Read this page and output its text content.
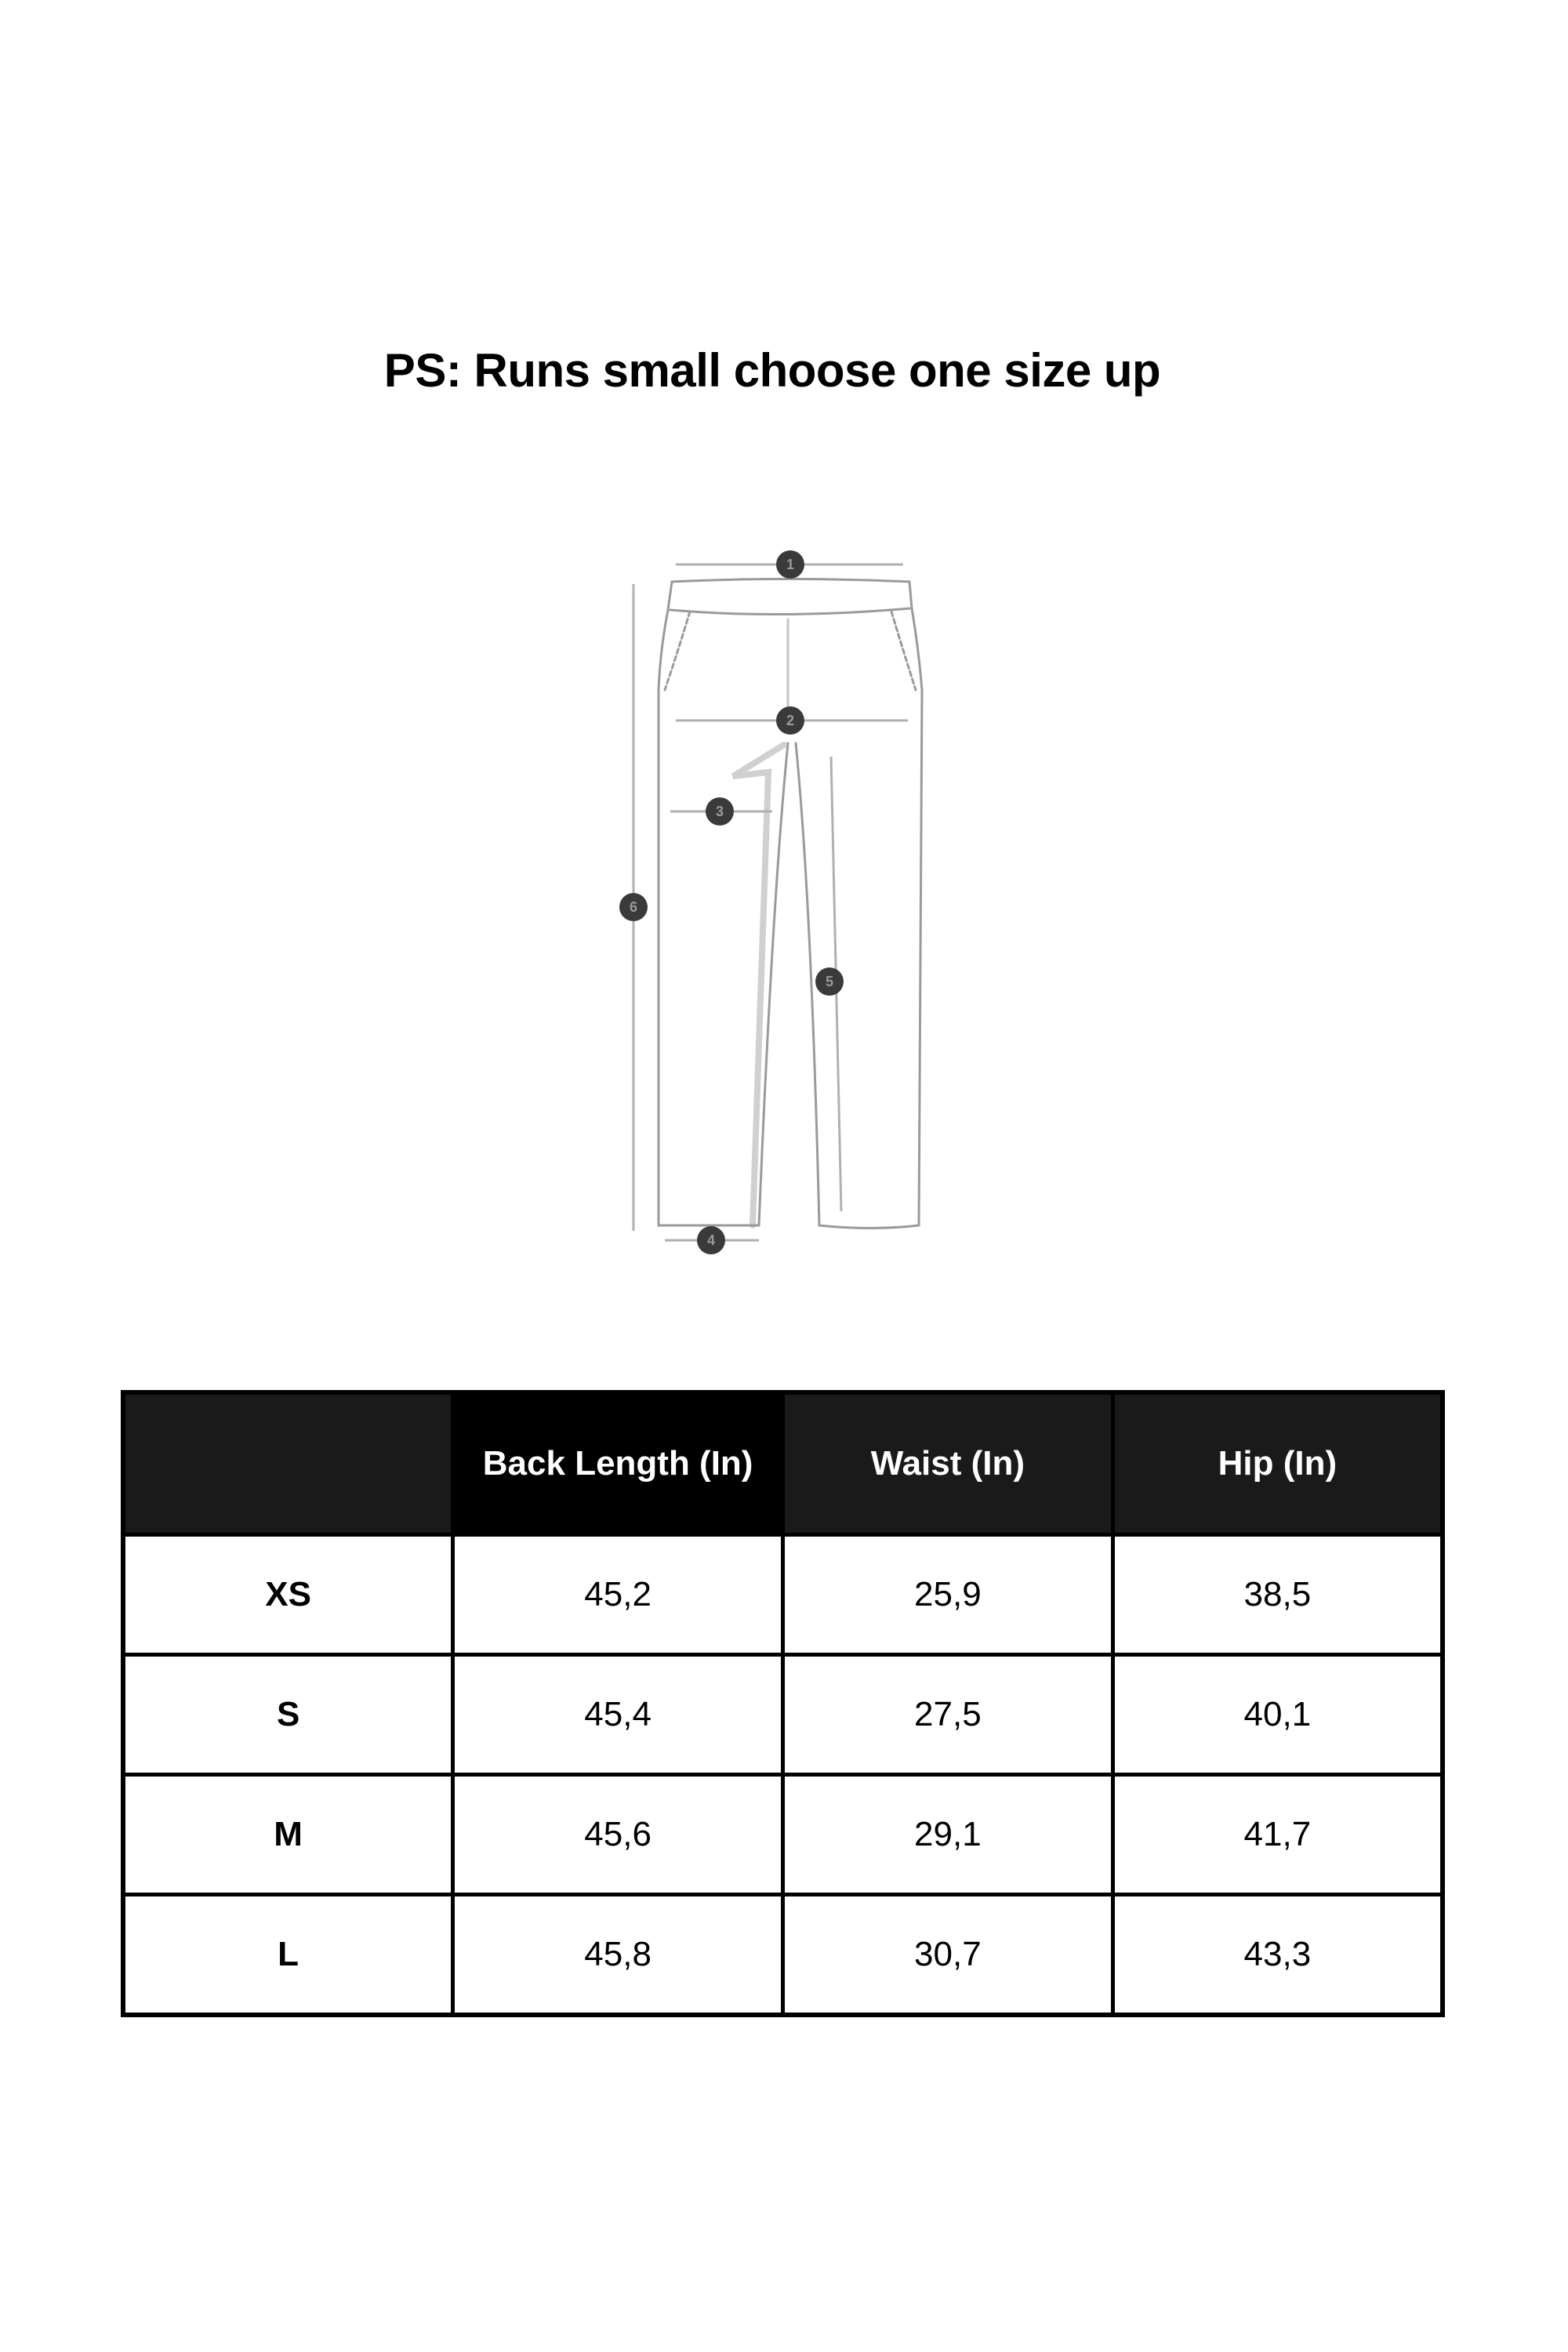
PS: Runs small choose one size up
1
2
3
4
5
6
	Back Length (In)	Waist (In)	Hip (In)
XS	45,2	25,9	38,5
S	45,4	27,5	40,1
M	45,6	29,1	41,7
L	45,8	30,7	43,3
